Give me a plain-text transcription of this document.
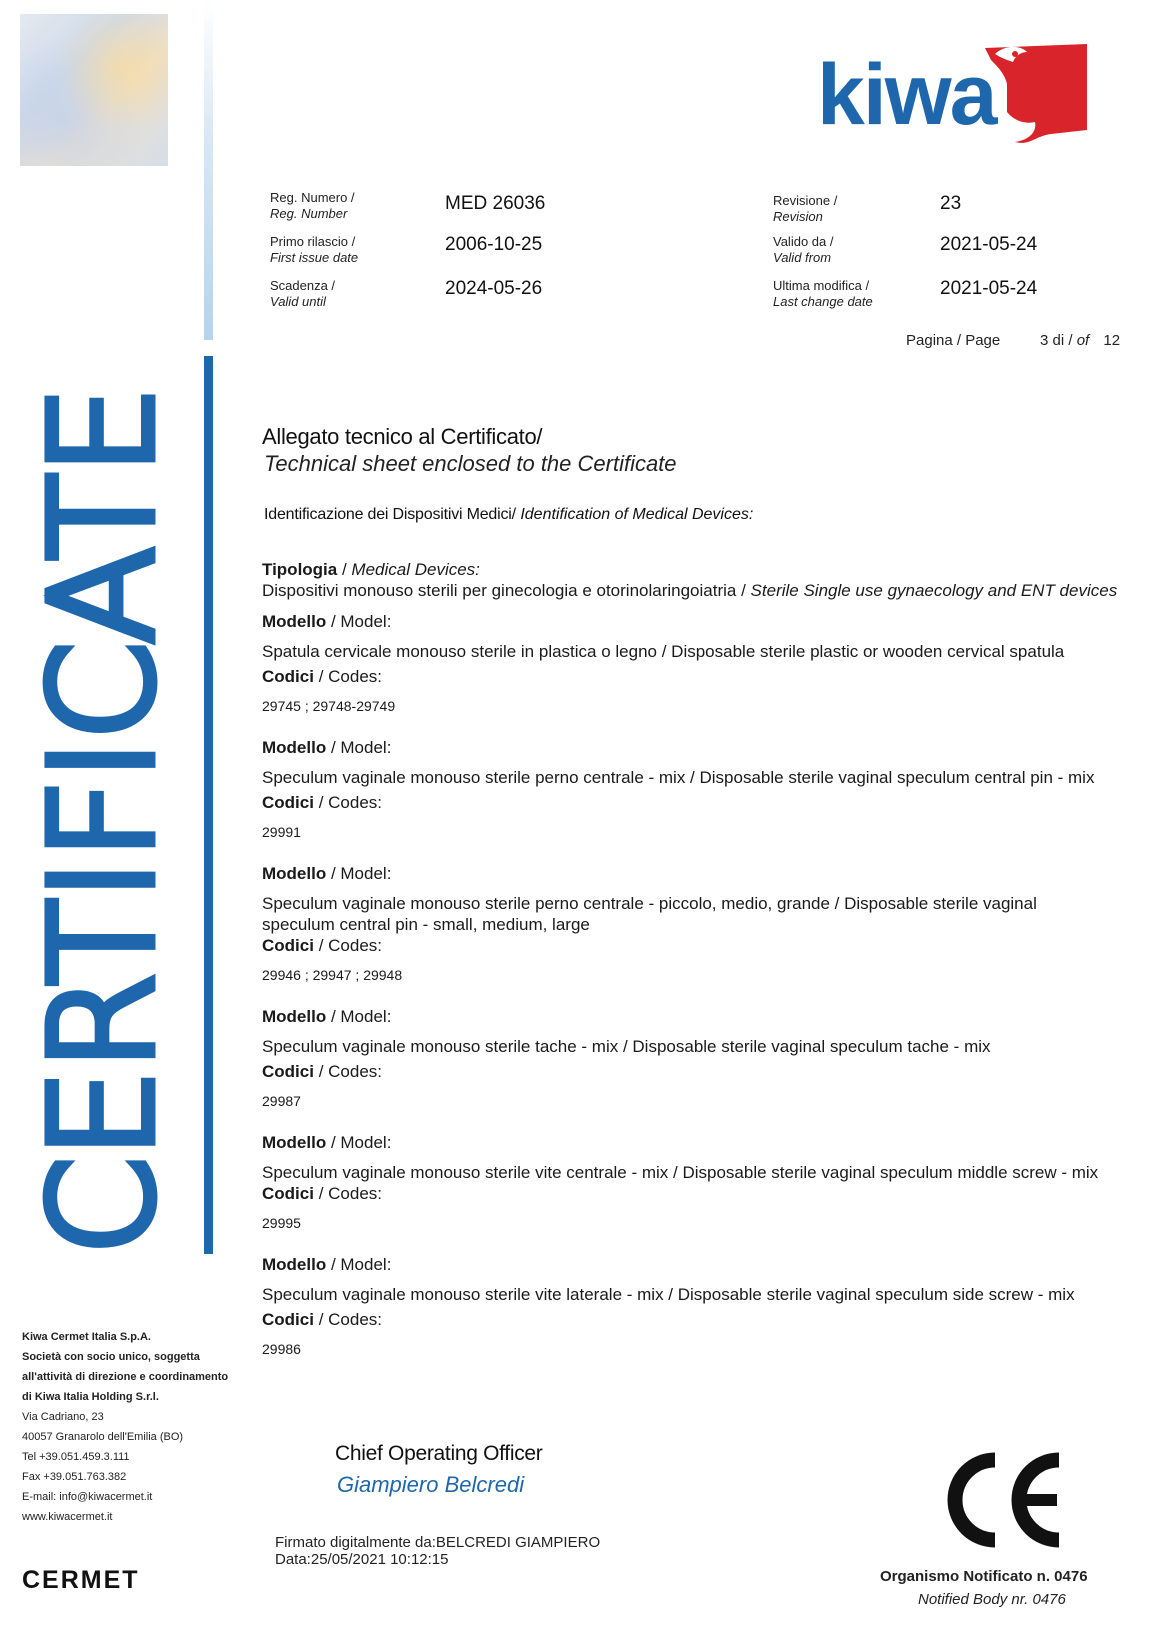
CERTIFICATE
kiwa
Reg. Numero /
Reg. Number	MED 26036
Primo rilascio /
First issue date
2006-10-25
Scadenza /
Valid until
2024-05-26
Revisione /
Revision
23
Valido da /
Valid from
2021-05-24
Ultima modifica /
Last change date
2021-05-24
Pagina / Page	3 di / of 12
Allegato tecnico al Certificato/
Technical sheet enclosed to the Certificate
Identificazione dei Dispositivi Medici/ Identification of Medical Devices:
Tipologia / Medical Devices:
Dispositivi monouso sterili per ginecologia e otorinolaringoiatria / Sterile Single use gynaecology and ENT devices
Modello / Model:
Spatula cervicale monouso sterile in plastica o legno / Disposable sterile plastic or wooden cervical spatula
Codici / Codes:
29745 ; 29748-29749
Modello / Model:
Speculum vaginale monouso sterile perno centrale - mix / Disposable sterile vaginal speculum central pin - mix
Codici / Codes:
29991
Modello / Model:
Speculum vaginale monouso sterile perno centrale - piccolo, medio, grande / Disposable sterile vaginal speculum central pin - small, medium, large
Codici / Codes:
29946 ; 29947 ; 29948
Modello / Model:
Speculum vaginale monouso sterile tache - mix / Disposable sterile vaginal speculum tache - mix
Codici / Codes:
29987
Modello / Model:
Speculum vaginale monouso sterile vite centrale - mix / Disposable sterile vaginal speculum middle screw - mix
Codici / Codes:
29995
Modello / Model:
Speculum vaginale monouso sterile vite laterale - mix / Disposable sterile vaginal speculum side screw - mix
Codici / Codes:
29986
Kiwa Cermet Italia S.p.A.
Società con socio unico, soggetta
all'attività di direzione e coordinamento
di Kiwa Italia Holding S.r.l.
Via Cadriano, 23
40057 Granarolo dell'Emilia (BO)
Tel +39.051.459.3.111
Fax +39.051.763.382
E-mail: info@kiwacermet.it
www.kiwacermet.it
CERMET
Chief Operating Officer
Giampiero Belcredi
Firmato digitalmente da:BELCREDI GIAMPIERO
Data:25/05/2021 10:12:15
Organismo Notificato n. 0476
Notified Body nr. 0476
